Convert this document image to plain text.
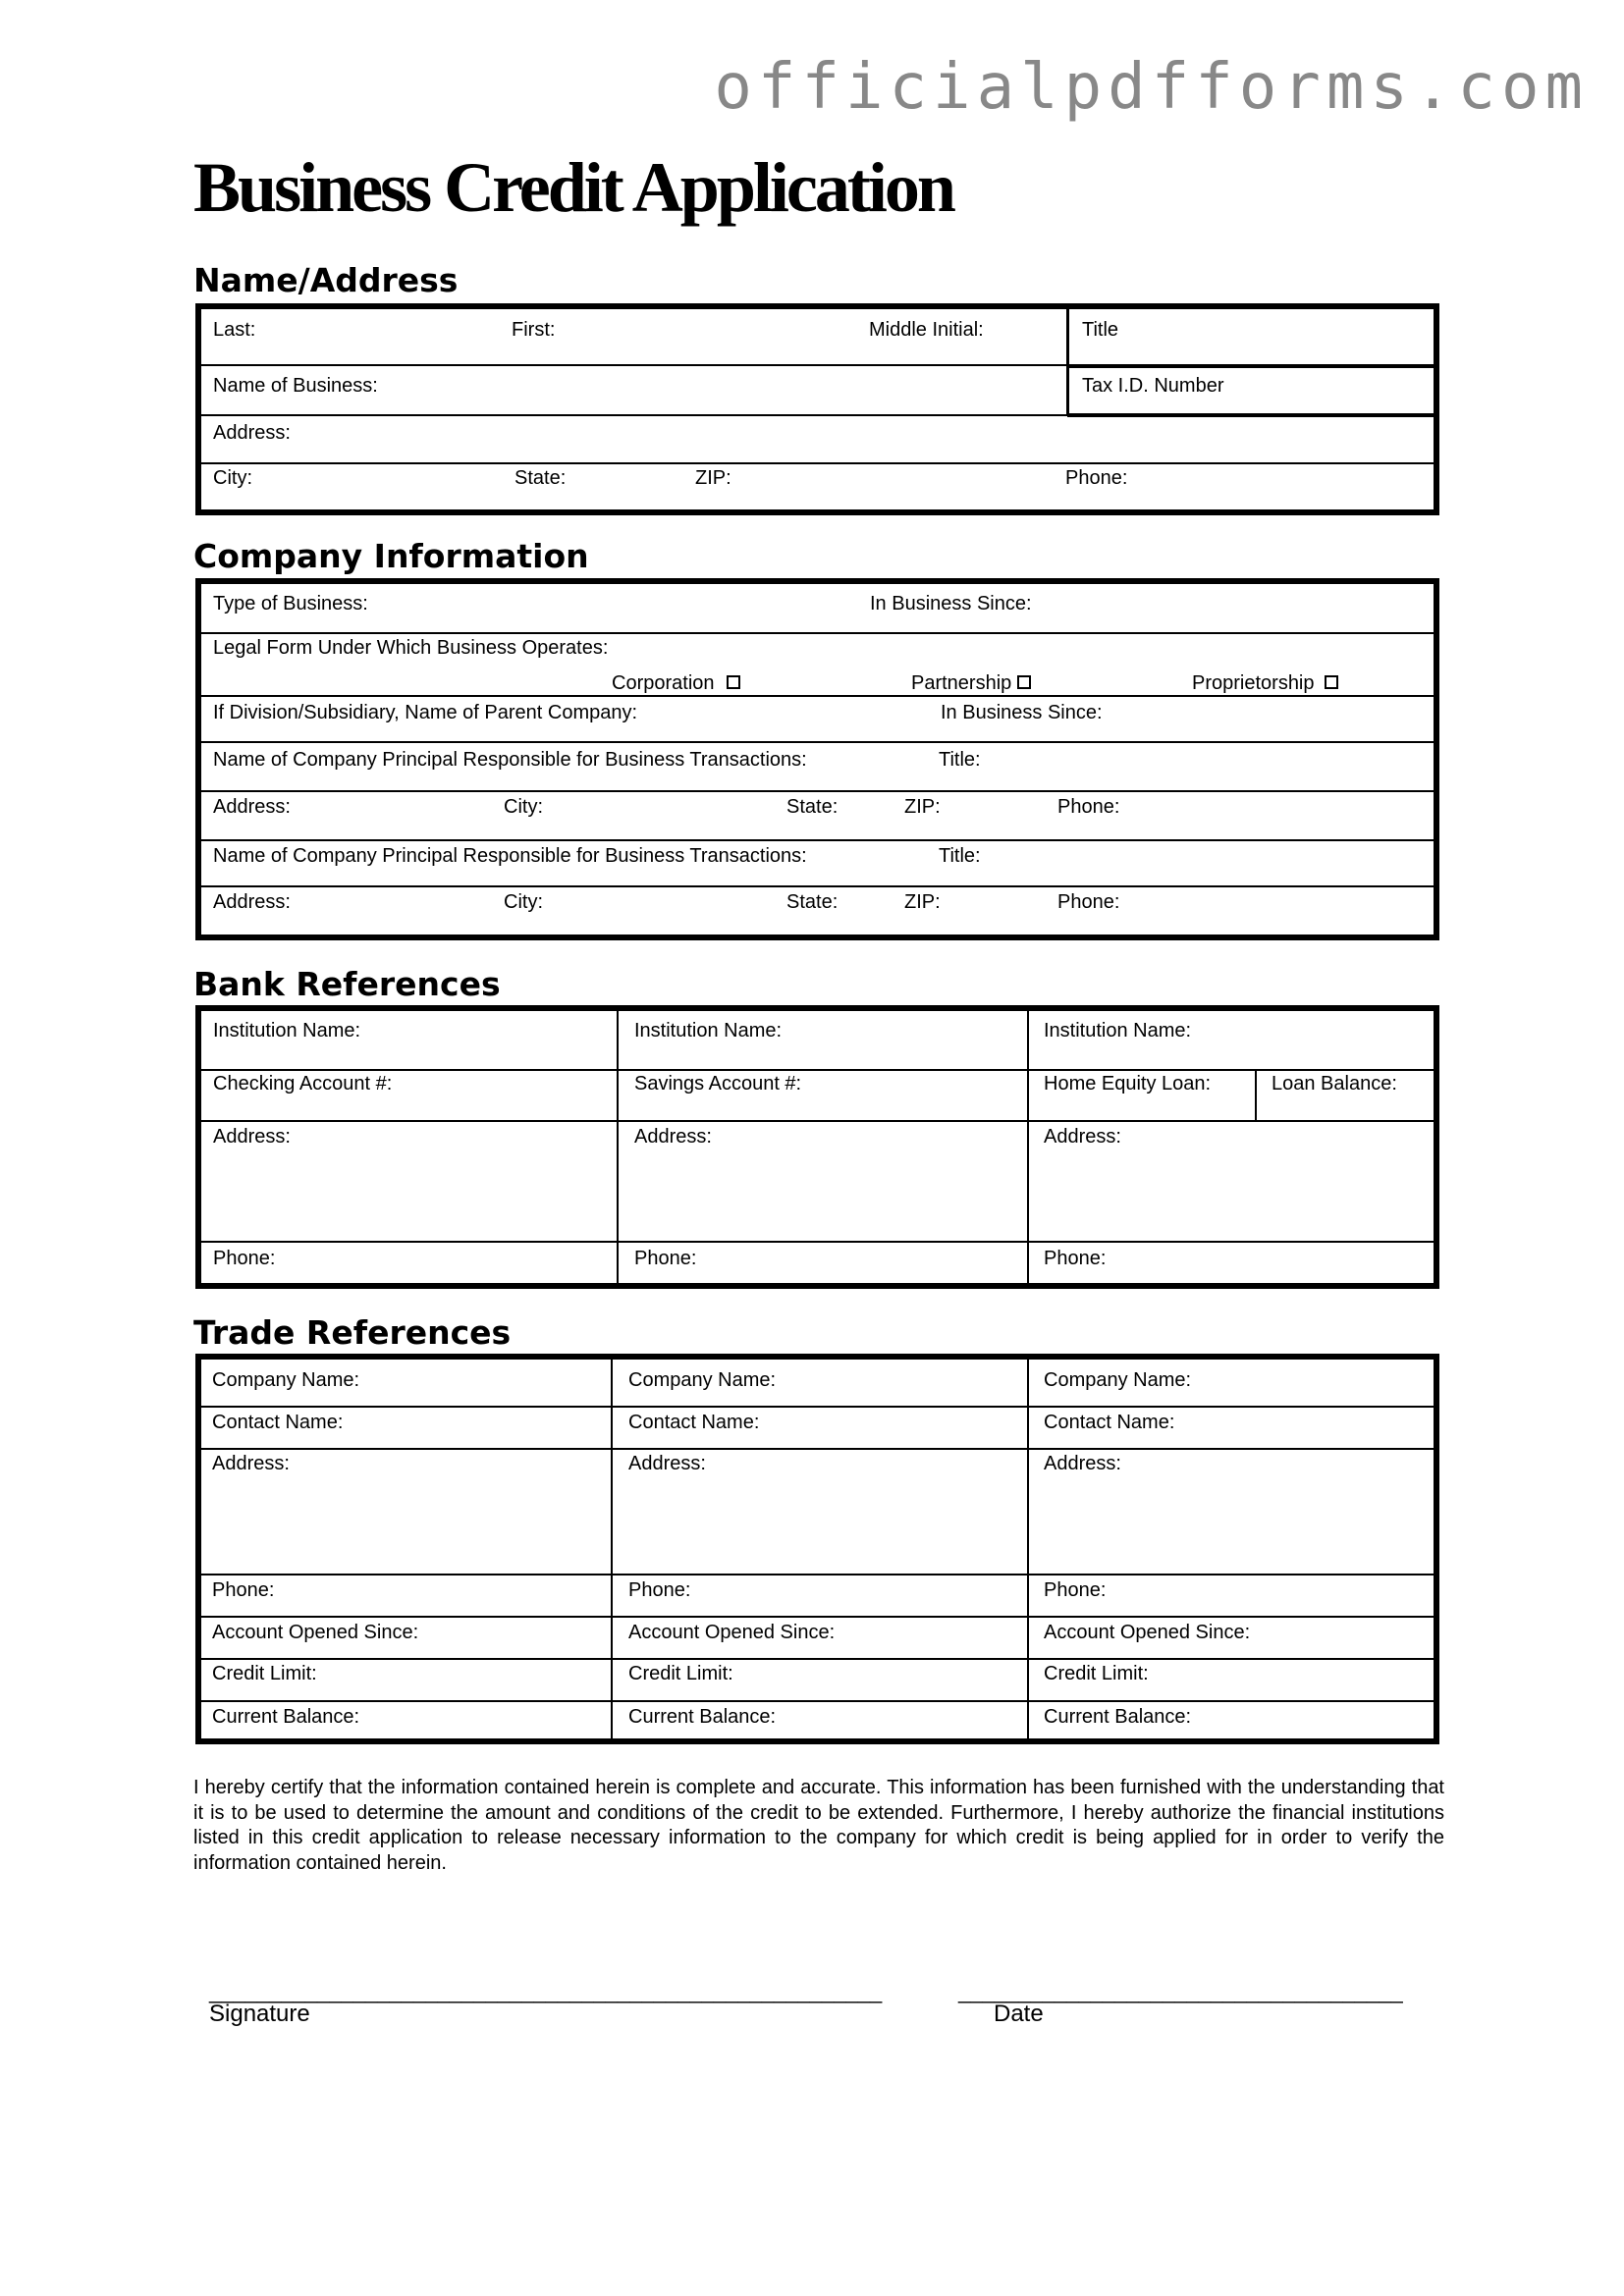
officialpdfforms.com
Business Credit Application
Name/Address
Last:	First:	Middle Initial:	Title
Name of Business:	Tax I.D. Number
Address:
City:	State:	ZIP:	Phone:
Company Information
Type of Business:	In Business Since:
Legal Form Under Which Business Operates:
Corporation	Partnership	Proprietorship
If Division/Subsidiary, Name of Parent Company:	In Business Since:
Name of Company Principal Responsible for Business Transactions:	Title:
Address:	City:	State:	ZIP:	Phone:
Name of Company Principal Responsible for Business Transactions:	Title:
Address:	City:	State:	ZIP:	Phone:
Bank References
Institution Name:	Institution Name:	Institution Name:
Checking Account #:	Savings Account #:	Home Equity Loan:	Loan Balance:
Address:	Address:	Address:
Phone:	Phone:	Phone:
Trade References
Company Name:	Company Name:	Company Name:
Contact Name:	Contact Name:	Contact Name:
Address:	Address:	Address:
Phone:	Phone:	Phone:
Account Opened Since:	Account Opened Since:	Account Opened Since:
Credit Limit:	Credit Limit:	Credit Limit:
Current Balance:	Current Balance:	Current Balance:
I hereby certify that the information contained herein is complete and accurate. This information has been furnished with the understanding that it is to be used to determine the amount and conditions of the credit to be extended. Furthermore, I hereby authorize the financial institutions listed in this credit application to release necessary information to the company for which credit is being applied for in order to verify the information contained herein.
________________________________________________________	_____________________________________
Signature	Date
